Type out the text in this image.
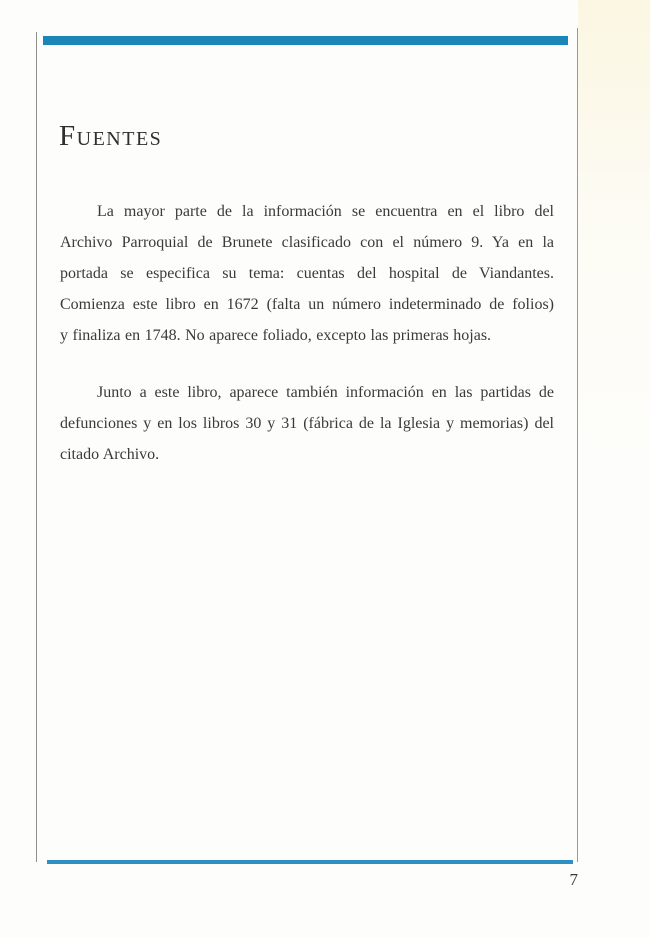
Fuentes

La mayor parte de la información se encuentra en el libro del
Archivo Parroquial de Brunete clasificado con el número 9. Ya en la
portada se especifica su tema: cuentas del hospital de Viandantes.
Comienza este libro en 1672 (falta un número indeterminado de folios)
y finaliza en 1748. No aparece foliado, excepto las primeras hojas.

Junto a este libro, aparece también información en las partidas de
defunciones y en los libros 30 y 31 (fábrica de la Iglesia y memorias) del
citado Archivo.

7
